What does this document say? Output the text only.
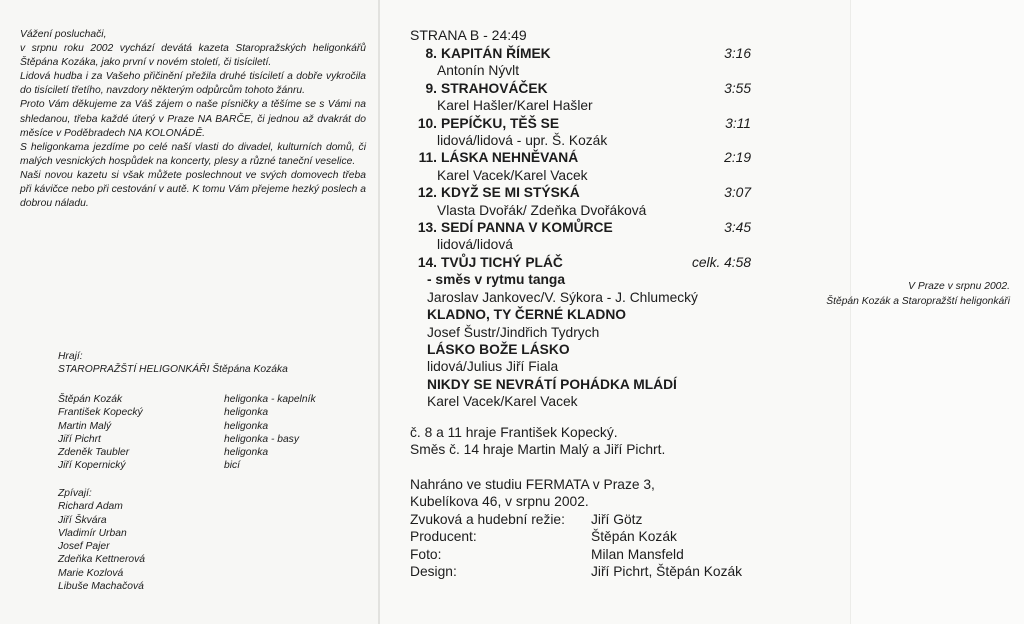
Vážení posluchači,

v srpnu roku 2002 vychází devátá kazeta Staropražských heligonkářů Štěpána Kozáka, jako první v novém století, či tisíciletí.

Lidová hudba i za Vašeho přičinění přežila druhé tisíciletí a dobře vykročila do tisíciletí třetího, navzdory některým odpůrcům tohoto žánru.

Proto Vám děkujeme za Váš zájem o naše písničky a těšíme se s Vámi na shledanou, třeba každé úterý v Praze NA BARČE, či jednou až dvakrát do měsíce v Poděbradech NA KOLONÁDĚ.

S heligonkama jezdíme po celé naší vlasti do divadel, kulturních domů, či malých vesnických hospůdek na koncerty, plesy a různé taneční veselice.

Naši novou kazetu si však můžete poslechnout ve svých domovech třeba při kávičce nebo při cestování v autě. K tomu Vám přejeme hezký poslech a dobrou náladu.

V Praze v srpnu 2002.
Štěpán Kozák a Staropražští heligonkáři

Hrají:

STAROPRAŽŠTÍ HELIGONKÁŘI Štěpána Kozáka

Štěpán Kozák	heligonka - kapelník
František Kopecký	heligonka
Martin Malý	heligonka
Jiří Pichrt	heligonka - basy
Zdeněk Taubler	heligonka
Jiří Kopernický	bicí
Zpívají:
Richard Adam
Jiří Škvára
Vladimír Urban
Josef Pajer
Zdeňka Kettnerová
Marie Kozlová
Libuše Machačová
STRANA B - 24:49
8. KAPITÁN ŘÍMEK	3:16
Antonín Nývlt
9. STRAHOVÁČEK	3:55
Karel Hašler/Karel Hašler
10. PEPÍČKU, TĚŠ SE	3:11
lidová/lidová - upr. Š. Kozák
11. LÁSKA NEHNĚVANÁ	2:19
Karel Vacek/Karel Vacek
12. KDYŽ SE MI STÝSKÁ	3:07
Vlasta Dvořák/ Zdeňka Dvořáková
13. SEDÍ PANNA V KOMŮRCE	3:45
lidová/lidová
14. TVŮJ TICHÝ PLÁČ	celk. 4:58
- směs v rytmu tanga
Jaroslav Jankovec/V. Sýkora - J. Chlumecký
KLADNO, TY ČERNÉ KLADNO
Josef Šustr/Jindřich Tydrych
LÁSKO BOŽE LÁSKO
lidová/Julius Jiří Fiala
NIKDY SE NEVRÁTÍ POHÁDKA MLÁDÍ
Karel Vacek/Karel Vacek
č. 8 a 11 hraje František Kopecký.
Směs č. 14 hraje Martin Malý a Jiří Pichrt.
Nahráno ve studiu FERMATA v Praze 3,
Kubelíkova 46, v srpnu 2002.
Zvuková a hudební režie:	Jiří Götz
Producent:	Štěpán Kozák
Foto:	Milan Mansfeld
Design:	Jiří Pichrt, Štěpán Kozák
